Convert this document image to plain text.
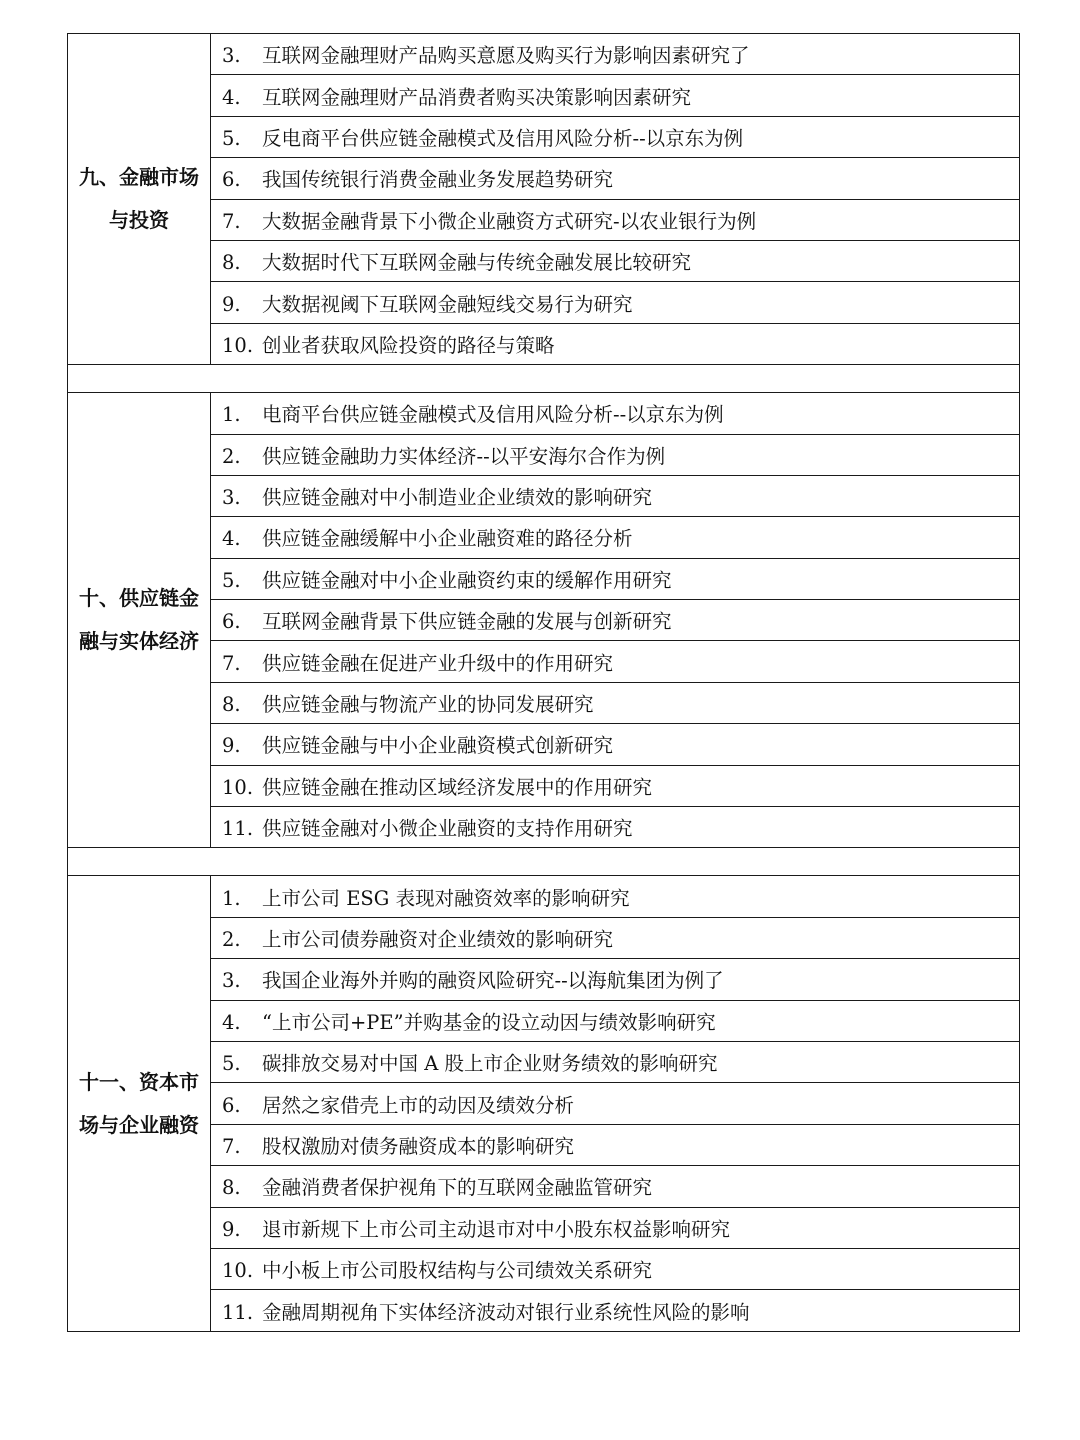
九、金融市场与投资	3. 互联网金融理财产品购买意愿及购买行为影响因素研究了
	4. 互联网金融理财产品消费者购买决策影响因素研究
	5. 反电商平台供应链金融模式及信用风险分析--以京东为例
	6. 我国传统银行消费金融业务发展趋势研究
	7. 大数据金融背景下小微企业融资方式研究-以农业银行为例
	8. 大数据时代下互联网金融与传统金融发展比较研究
	9. 大数据视阈下互联网金融短线交易行为研究
	10. 创业者获取风险投资的路径与策略

十、供应链金融与实体经济	1. 电商平台供应链金融模式及信用风险分析--以京东为例
	2. 供应链金融助力实体经济--以平安海尔合作为例
	3. 供应链金融对中小制造业企业绩效的影响研究
	4. 供应链金融缓解中小企业融资难的路径分析
	5. 供应链金融对中小企业融资约束的缓解作用研究
	6. 互联网金融背景下供应链金融的发展与创新研究
	7. 供应链金融在促进产业升级中的作用研究
	8. 供应链金融与物流产业的协同发展研究
	9. 供应链金融与中小企业融资模式创新研究
	10. 供应链金融在推动区域经济发展中的作用研究
	11. 供应链金融对小微企业融资的支持作用研究

十一、资本市场与企业融资	1. 上市公司 ESG 表现对融资效率的影响研究
	2. 上市公司债券融资对企业绩效的影响研究
	3. 我国企业海外并购的融资风险研究--以海航集团为例了
	4. “上市公司+PE”并购基金的设立动因与绩效影响研究
	5. 碳排放交易对中国 A 股上市企业财务绩效的影响研究
	6. 居然之家借壳上市的动因及绩效分析
	7. 股权激励对债务融资成本的影响研究
	8. 金融消费者保护视角下的互联网金融监管研究
	9. 退市新规下上市公司主动退市对中小股东权益影响研究
	10. 中小板上市公司股权结构与公司绩效关系研究
	11. 金融周期视角下实体经济波动对银行业系统性风险的影响
